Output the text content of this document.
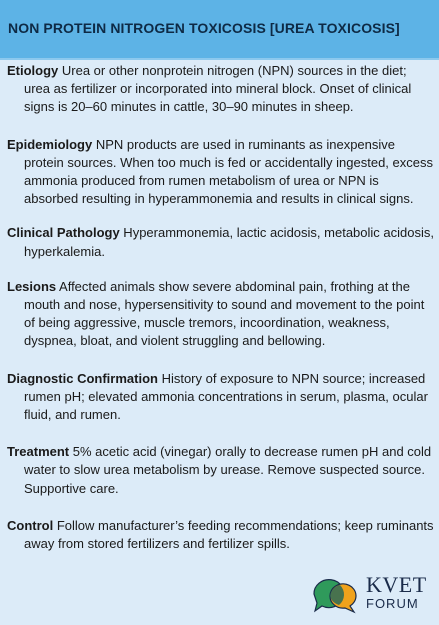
NON PROTEIN NITROGEN TOXICOSIS [UREA TOXICOSIS]
Etiology Urea or other nonprotein nitrogen (NPN) sources in the diet; urea as fertilizer or incorporated into mineral block. Onset of clinical signs is 20–60 minutes in cattle, 30–90 minutes in sheep.
Epidemiology NPN products are used in ruminants as inexpensive protein sources. When too much is fed or accidentally ingested, excess ammonia produced from rumen metabolism of urea or NPN is absorbed resulting in hyperammonemia and results in clinical signs.
Clinical Pathology Hyperammonemia, lactic acidosis, metabolic acidosis, hyperkalemia.
Lesions Affected animals show severe abdominal pain, frothing at the mouth and nose, hypersensitivity to sound and movement to the point of being aggressive, muscle tremors, incoordination, weakness, dyspnea, bloat, and violent struggling and bellowing.
Diagnostic Confirmation History of exposure to NPN source; increased rumen pH; elevated ammonia concentrations in serum, plasma, ocular fluid, and rumen.
Treatment 5% acetic acid (vinegar) orally to decrease rumen pH and cold water to slow urea metabolism by urease. Remove suspected source. Supportive care.
Control Follow manufacturer’s feeding recommendations; keep ruminants away from stored fertilizers and fertilizer spills.
KVET
FORUM
